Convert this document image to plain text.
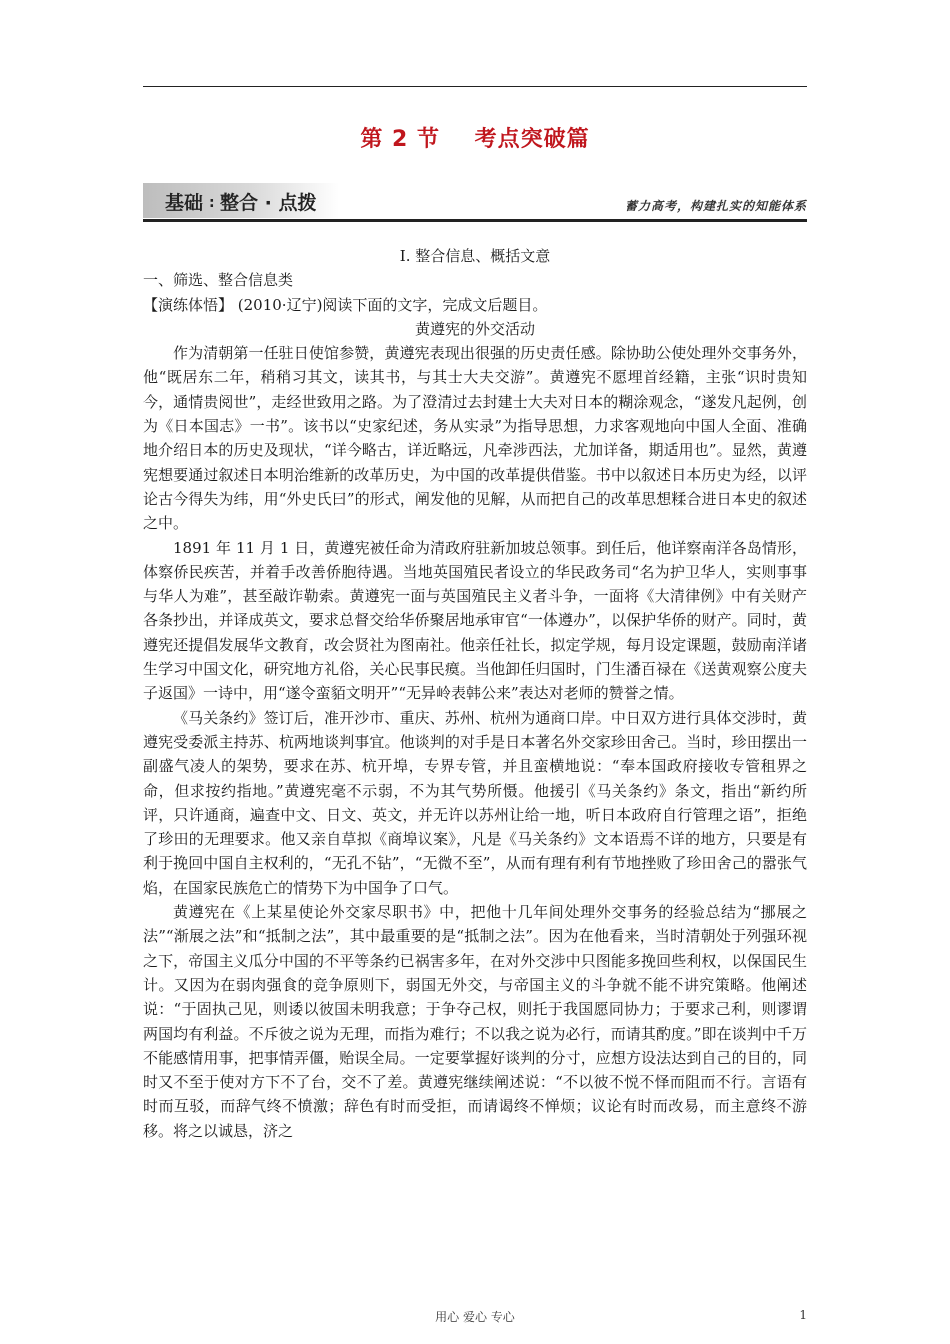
第 2 节    考点突破篇
基础 : 整合 · 点拨	蓄力高考，构建扎实的知能体系

Ⅰ. 整合信息、概括文意

一、筛选、整合信息类

【演练体悟】 (2010·辽宁)阅读下面的文字，完成文后题目。

黄遵宪的外交活动

作为清朝第一任驻日使馆参赞，黄遵宪表现出很强的历史责任感。除协助公使处理外交事务外，他“既居东二年，稍稍习其文，读其书，与其士大夫交游”。黄遵宪不愿埋首经籍，主张“识时贵知今，通情贵阅世”，走经世致用之路。为了澄清过去封建士大夫对日本的糊涂观念，“遂发凡起例，创为《日本国志》一书”。该书以“史家纪述，务从实录”为指导思想，力求客观地向中国人全面、准确地介绍日本的历史及现状，“详今略古，详近略远，凡牵涉西法，尤加详备，期适用也”。显然，黄遵宪想要通过叙述日本明治维新的改革历史，为中国的改革提供借鉴。书中以叙述日本历史为经，以评论古今得失为纬，用“外史氏曰”的形式，阐发他的见解，从而把自己的改革思想糅合进日本史的叙述之中。

1891 年 11 月 1 日，黄遵宪被任命为清政府驻新加坡总领事。到任后，他详察南洋各岛情形，体察侨民疾苦，并着手改善侨胞待遇。当地英国殖民者设立的华民政务司“名为护卫华人，实则事事与华人为难”，甚至敲诈勒索。黄遵宪一面与英国殖民主义者斗争，一面将《大清律例》中有关财产各条抄出，并译成英文，要求总督交给华侨聚居地承审官“一体遵办”，以保护华侨的财产。同时，黄遵宪还提倡发展华文教育，改会贤社为图南社。他亲任社长，拟定学规，每月设定课题，鼓励南洋诸生学习中国文化，研究地方礼俗，关心民事民瘼。当他卸任归国时，门生潘百禄在《送黄观察公度夫子返国》一诗中，用“遂令蛮貊文明开”“无异岭表韩公来”表达对老师的赞誉之情。

《马关条约》签订后，准开沙市、重庆、苏州、杭州为通商口岸。中日双方进行具体交涉时，黄遵宪受委派主持苏、杭两地谈判事宜。他谈判的对手是日本著名外交家珍田舍己。当时，珍田摆出一副盛气凌人的架势，要求在苏、杭开埠，专界专管，并且蛮横地说：“奉本国政府接收专管租界之命，但求按约指地。”黄遵宪毫不示弱，不为其气势所慑。他援引《马关条约》条文，指出“新约所评，只许通商，遍查中文、日文、英文，并无许以苏州让给一地，听日本政府自行管理之语”，拒绝了珍田的无理要求。他又亲自草拟《商埠议案》，凡是《马关条约》文本语焉不详的地方，只要是有利于挽回中国自主权利的，“无孔不钻”，“无微不至”，从而有理有利有节地挫败了珍田舍己的嚣张气焰，在国家民族危亡的情势下为中国争了口气。

黄遵宪在《上某星使论外交家尽职书》中，把他十几年间处理外交事务的经验总结为“挪展之法”“渐展之法”和“抵制之法”，其中最重要的是“抵制之法”。因为在他看来，当时清朝处于列强环视之下，帝国主义瓜分中国的不平等条约已祸害多年，在对外交涉中只图能多挽回些利权，以保国民生计。又因为在弱肉强食的竞争原则下，弱国无外交，与帝国主义的斗争就不能不讲究策略。他阐述说：“于固执己见，则诿以彼国未明我意；于争夺己权，则托于我国愿同协力；于要求己利，则谬谓两国均有利益。不斥彼之说为无理，而指为难行；不以我之说为必行，而请其酌度。”即在谈判中千万不能感情用事，把事情弄僵，贻误全局。一定要掌握好谈判的分寸，应想方设法达到自己的目的，同时又不至于使对方下不了台，交不了差。黄遵宪继续阐述说：“不以彼不悦不怿而阻而不行。言语有时而互驳，而辞气终不愤激；辞色有时而受拒，而请谒终不惮烦；议论有时而改易，而主意终不游移。将之以诚恳，济之

用心 爱心 专心	1
